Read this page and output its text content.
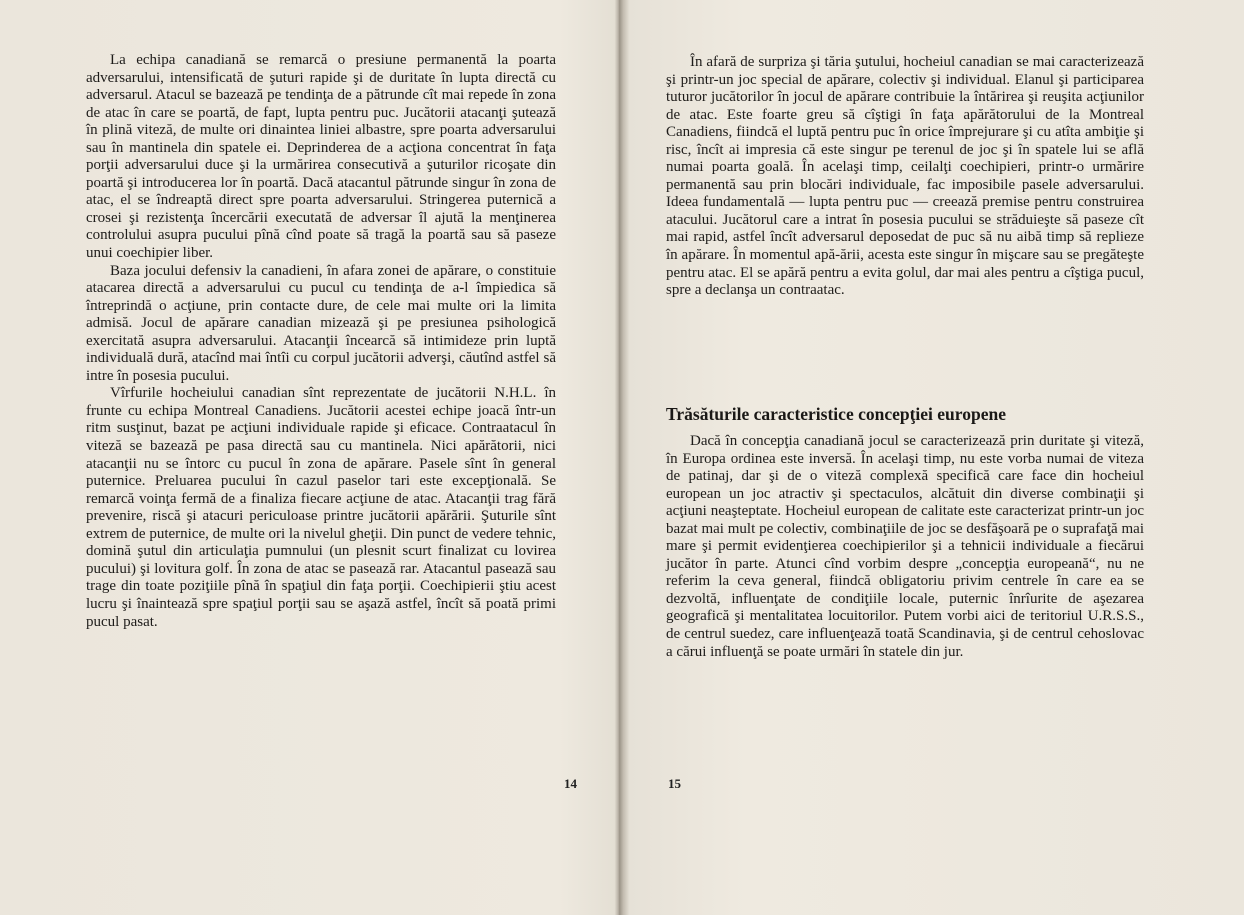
La echipa canadiană se remarcă o presiune permanentă la poarta adversarului, intensificată de şuturi rapide şi de duritate în lupta directă cu adversarul. Atacul se bazează pe tendinţa de a pătrunde cît mai repede în zona de atac în care se poartă, de fapt, lupta pentru puc. Jucătorii atacanţi şutează în plină viteză, de multe ori dinaintea liniei albastre, spre poarta adversarului sau în mantinela din spatele ei. Deprinderea de a acţiona concentrat în faţa porţii adversarului duce şi la urmărirea consecutivă a şuturilor ricoşate din poartă şi introducerea lor în poartă. Dacă atacantul pătrunde singur în zona de atac, el se îndreaptă direct spre poarta adversarului. Stringerea puternică a crosei şi rezistenţa încercării executată de adversar îl ajută la menţinerea controlului asupra pucului pînă cînd poate să tragă la poartă sau să paseze unui coechipier liber.

Baza jocului defensiv la canadieni, în afara zonei de apărare, o constituie atacarea directă a adversarului cu pucul cu tendinţa de a-l împiedica să întreprindă o acţiune, prin contacte dure, de cele mai multe ori la limita admisă. Jocul de apărare canadian mizează şi pe presiunea psihologică exercitată asupra adversarului. Atacanţii încearcă să intimideze prin luptă individuală dură, atacînd mai întîi cu corpul jucătorii adverşi, căutînd astfel să intre în posesia pucului.

Vîrfurile hocheiului canadian sînt reprezentate de jucătorii N.H.L. în frunte cu echipa Montreal Canadiens. Jucătorii acestei echipe joacă într-un ritm susţinut, bazat pe acţiuni individuale rapide şi eficace. Contraatacul în viteză se bazează pe pasa directă sau cu mantinela. Nici apărătorii, nici atacanţii nu se întorc cu pucul în zona de apărare. Pasele sînt în general puternice. Preluarea pucului în cazul paselor tari este excepţională. Se remarcă voinţa fermă de a finaliza fiecare acţiune de atac. Atacanţii trag fără prevenire, riscă şi atacuri periculoase printre jucătorii apărării. Şuturile sînt extrem de puternice, de multe ori la nivelul gheţii. Din punct de vedere tehnic, domină şutul din articulaţia pumnului (un plesnit scurt finalizat cu lovirea pucului) şi lovitura golf. În zona de atac se pasează rar. Atacantul pasează sau trage din toate poziţiile pînă în spaţiul din faţa porţii. Coechipierii ştiu acest lucru şi înaintează spre spaţiul porţii sau se aşază astfel, încît să poată primi pucul pasat.

14

În afară de surpriza şi tăria şutului, hocheiul canadian se mai caracterizează şi printr-un joc special de apărare, colectiv şi individual. Elanul şi participarea tuturor jucătorilor în jocul de apărare contribuie la întărirea şi reuşita acţiunilor de atac. Este foarte greu să cîştigi în faţa apărătorului de la Montreal Canadiens, fiindcă el luptă pentru puc în orice împrejurare şi cu atîta ambiţie şi risc, încît ai impresia că este singur pe terenul de joc şi în spatele lui se află numai poarta goală. În acelaşi timp, ceilalţi coechipieri, printr-o urmărire permanentă sau prin blocări individuale, fac imposibile pasele adversarului. Ideea fundamentală — lupta pentru puc — creează premise pentru construirea atacului. Jucătorul care a intrat în posesia pucului se străduieşte să paseze cît mai rapid, astfel încît adversarul deposedat de puc să nu aibă timp să replieze în apărare. În momentul apă-ării, acesta este singur în mişcare sau se pregăteşte pentru atac. El se apără pentru a evita golul, dar mai ales pentru a cîştiga pucul, spre a declanşa un contraatac.

Trăsăturile caracteristice concepţiei europene

Dacă în concepţia canadiană jocul se caracterizează prin duritate şi viteză, în Europa ordinea este inversă. În acelaşi timp, nu este vorba numai de viteza de patinaj, dar şi de o viteză complexă specifică care face din hocheiul european un joc atractiv şi spectaculos, alcătuit din diverse combinaţii şi acţiuni neaşteptate. Hocheiul european de calitate este caracterizat printr-un joc bazat mai mult pe colectiv, combinaţiile de joc se desfăşoară pe o suprafaţă mai mare şi permit evidenţierea coechipierilor şi a tehnicii individuale a fiecărui jucător în parte. Atunci cînd vorbim despre „concepţia europeană“, nu ne referim la ceva general, fiindcă obligatoriu privim centrele în care ea se dezvoltă, influenţate de condiţiile locale, puternic înrîurite de aşezarea geografică şi mentalitatea locuitorilor. Putem vorbi aici de teritoriul U.R.S.S., de centrul suedez, care influenţează toată Scandinavia, şi de centrul cehoslovac a cărui influenţă se poate urmări în statele din jur.

15
